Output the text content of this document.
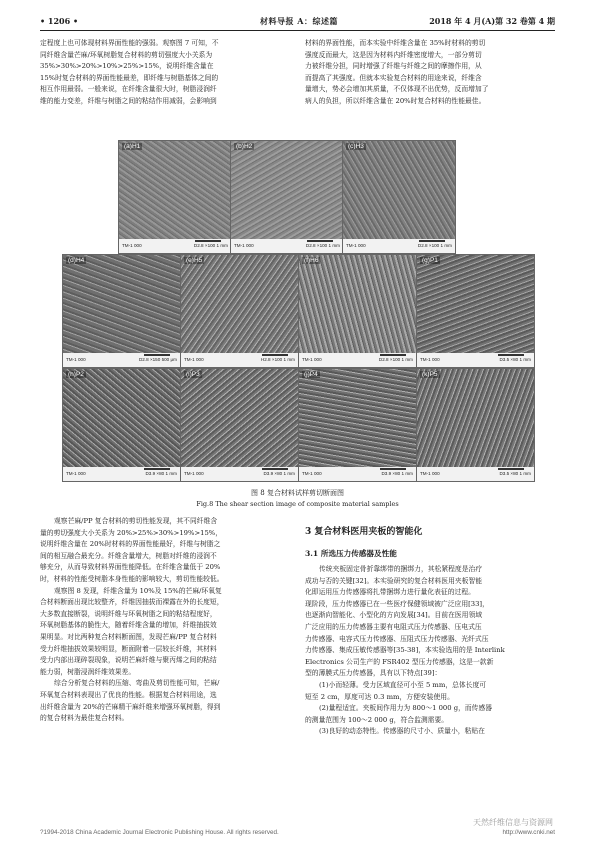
• 1206 •	材料导报 A：综述篇	2018 年 4 月(A)第 32 卷第 4 期

定程度上也可体现材料界面性能的强弱。观察图 7 可知，不

同纤维含量芒麻/环氧树脂复合材料的剪切强度大小关系为

35%>30%>20%>10%>25%>15%，说明纤维含量在

15%时复合材料的界面性能最差，即纤维与树脂基体之间的

相互作用最弱。一般来说，在纤维含量很大时，树脂浸润纤

维的能力变差，纤维与树脂之间的粘结作用减弱，会影响到

材料的界面性能，而本实验中纤维含量在 35%时材料的剪切

强度反而最大，这是因为材料内纤维密度增大，一部分剪切

力被纤维分担，同时增强了纤维与纤维之间的摩擦作用，从

而提高了其强度。但就本实验复合材料的用途来说，纤维含

量增大，势必会增加其质量，不仅体现不出优势，反而增加了

病人的负担，所以纤维含量在 20%时复合材料的性能最佳。

(a)H1
TM-1 000	D2.8 ×100 1 mm
(b)H2
TM-1 000	D2.8 ×100 1 mm
(c)H3
TM-1 000	D2.8 ×100 1 mm
(d)H4
TM-1 000	D2.8 ×150 500 μm
(e)H5
TM-1 000	H2.8 ×100 1 mm
(f)H6
TM-1 000	D2.8 ×100 1 mm
(g)P1
TM-1 000	D3.5 ×80 1 mm
(h)P2
TM-1 000	D3.9 ×80 1 mm
(i)P3
TM-1 000	D3.9 ×80 1 mm
(j)P4
TM-1 000	D3.9 ×80 1 mm
(k)P5
TM-1 000	D3.5 ×80 1 mm
图 8 复合材料试样剪切断面图
Fig.8 The shear section image of composite material samples

观察芒麻/PP 复合材料的剪切性能发现，其不同纤维含

量的剪切强度大小关系为 20%>25%>30%>19%>15%，

说明纤维含量在 20%时材料的界面性能最好，纤维与树脂之

间的相互融合最充分。纤维含量增大，树脂对纤维的浸润不

够充分，从而导致材料界面性能降低。在纤维含量低于 20%

时，材料的性能受树脂本身性能的影响较大，剪切性能较低。

观察图 8 发现，纤维含量为 10%及 15%的芒麻/环氧复

合材料断面出现比较整齐，纤维因抽拔而裸露在外的长度短，

大多数直接断裂，说明纤维与环氧树脂之间的粘结程度好，

环氧树脂基体的脆性大，随着纤维含量的增加，纤维抽拔效

果明显。对比两种复合材料断面图，发现芒麻/PP 复合材料

受力纤维抽拔效果较明显，断面附着一层较长纤维，其材料

受力内部出现碎裂现象，说明芒麻纤维与聚丙烯之间的粘结

能力弱，树脂浸润纤维效果差。

综合分析复合材料的压缩、弯曲及剪切性能可知，芒麻/

环氧复合材料表现出了优良的性能。根据复合材料用途，选

出纤维含量为 20%的芒麻精干麻纤维来增强环氧树脂，得到

的复合材料为最佳复合材料。

3 复合材料医用夹板的智能化
3.1 所选压力传感器及性能

传统夹板固定骨折靠绑带的捆绑力，其松紧程度是治疗

成功与否的关键[32]。本实验研究的复合材料医用夹板智能

化即运用压力传感器将扎带捆绑力进行量化表征的过程。

现阶段，压力传感器已在一些医疗保健领域被广泛应用[33]，

也逐渐向智能化、小型化的方向发展[34]。目前在医用领域

广泛应用的压力传感器主要有电阻式压力传感器、压电式压

力传感器、电容式压力传感器、压阻式压力传感器、光纤式压

力传感器、集成压敏传感器等[35-38]，本实验选用的是 Interlink

Electronics 公司生产的 FSR402 型压力传感器，这是一款新

型的薄膜式压力传感器，具有以下特点[39]：

(1)小而轻薄。受力区域直径可小至 5 mm，总体长度可

短至 2 cm，厚度可达 0.3 mm，方便安装使用。

(2)量程适宜。夹板间作用力为 800～1 000 g，而传感器

的测量范围为 100～2 000 g，符合监测需要。

(3)良好的动态特性。传感器的尺寸小、质量小，粘贴在

天然纤维信息与资源网
?1994-2018 China Academic Journal Electronic Publishing House. All rights reserved.	http://www.cnki.net
